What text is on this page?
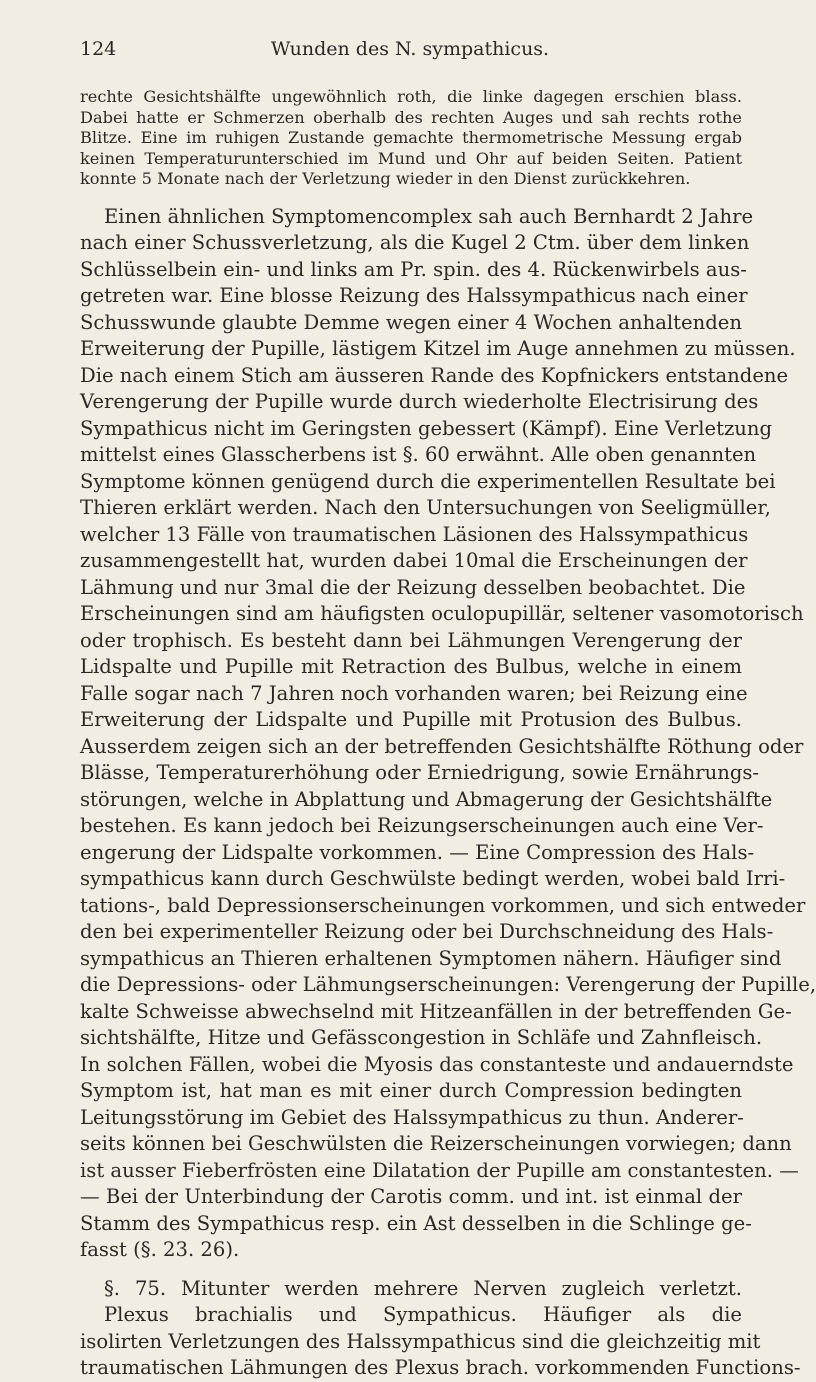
124	Wunden des N. sympathicus.
rechte Gesichtshälfte ungewöhnlich roth, die linke dagegen erschien blass.
Dabei hatte er Schmerzen oberhalb des rechten Auges und sah rechts rothe
Blitze. Eine im ruhigen Zustande gemachte thermometrische Messung ergab
keinen Temperaturunterschied im Mund und Ohr auf beiden Seiten. Patient
konnte 5 Monate nach der Verletzung wieder in den Dienst zurückkehren.
Einen ähnlichen Symptomencomplex sah auch Bernhardt 2 Jahre
nach einer Schussverletzung, als die Kugel 2 Ctm. über dem linken
Schlüsselbein ein- und links am Pr. spin. des 4. Rückenwirbels aus-
getreten war. Eine blosse Reizung des Halssympathicus nach einer
Schusswunde glaubte Demme wegen einer 4 Wochen anhaltenden
Erweiterung der Pupille, lästigem Kitzel im Auge annehmen zu müssen.
Die nach einem Stich am äusseren Rande des Kopfnickers entstandene
Verengerung der Pupille wurde durch wiederholte Electrisirung des
Sympathicus nicht im Geringsten gebessert (Kämpf). Eine Verletzung
mittelst eines Glasscherbens ist §. 60 erwähnt. Alle oben genannten
Symptome können genügend durch die experimentellen Resultate bei
Thieren erklärt werden. Nach den Untersuchungen von Seeligmüller,
welcher 13 Fälle von traumatischen Läsionen des Halssympathicus
zusammengestellt hat, wurden dabei 10mal die Erscheinungen der
Lähmung und nur 3mal die der Reizung desselben beobachtet. Die
Erscheinungen sind am häufigsten oculopupillär, seltener vasomotorisch
oder trophisch. Es besteht dann bei Lähmungen Verengerung der
Lidspalte und Pupille mit Retraction des Bulbus, welche in einem
Falle sogar nach 7 Jahren noch vorhanden waren; bei Reizung eine
Erweiterung der Lidspalte und Pupille mit Protusion des Bulbus.
Ausserdem zeigen sich an der betreffenden Gesichtshälfte Röthung oder
Blässe, Temperaturerhöhung oder Erniedrigung, sowie Ernährungs-
störungen, welche in Abplattung und Abmagerung der Gesichtshälfte
bestehen. Es kann jedoch bei Reizungserscheinungen auch eine Ver-
engerung der Lidspalte vorkommen. — Eine Compression des Hals-
sympathicus kann durch Geschwülste bedingt werden, wobei bald Irri-
tations-, bald Depressionserscheinungen vorkommen, und sich entweder
den bei experimenteller Reizung oder bei Durchschneidung des Hals-
sympathicus an Thieren erhaltenen Symptomen nähern. Häufiger sind
die Depressions- oder Lähmungserscheinungen: Verengerung der Pupille,
kalte Schweisse abwechselnd mit Hitzeanfällen in der betreffenden Ge-
sichtshälfte, Hitze und Gefässcongestion in Schläfe und Zahnfleisch.
In solchen Fällen, wobei die Myosis das constanteste und andauerndste
Symptom ist, hat man es mit einer durch Compression bedingten
Leitungsstörung im Gebiet des Halssympathicus zu thun. Anderer-
seits können bei Geschwülsten die Reizerscheinungen vorwiegen; dann
ist ausser Fieberfrösten eine Dilatation der Pupille am constantesten. —
— Bei der Unterbindung der Carotis comm. und int. ist einmal der
Stamm des Sympathicus resp. ein Ast desselben in die Schlinge ge-
fasst (§. 23. 26).
§. 75. Mitunter werden mehrere Nerven zugleich verletzt.
Plexus brachialis und Sympathicus. Häufiger als die
isolirten Verletzungen des Halssympathicus sind die gleichzeitig mit
traumatischen Lähmungen des Plexus brach. vorkommenden Functions-
